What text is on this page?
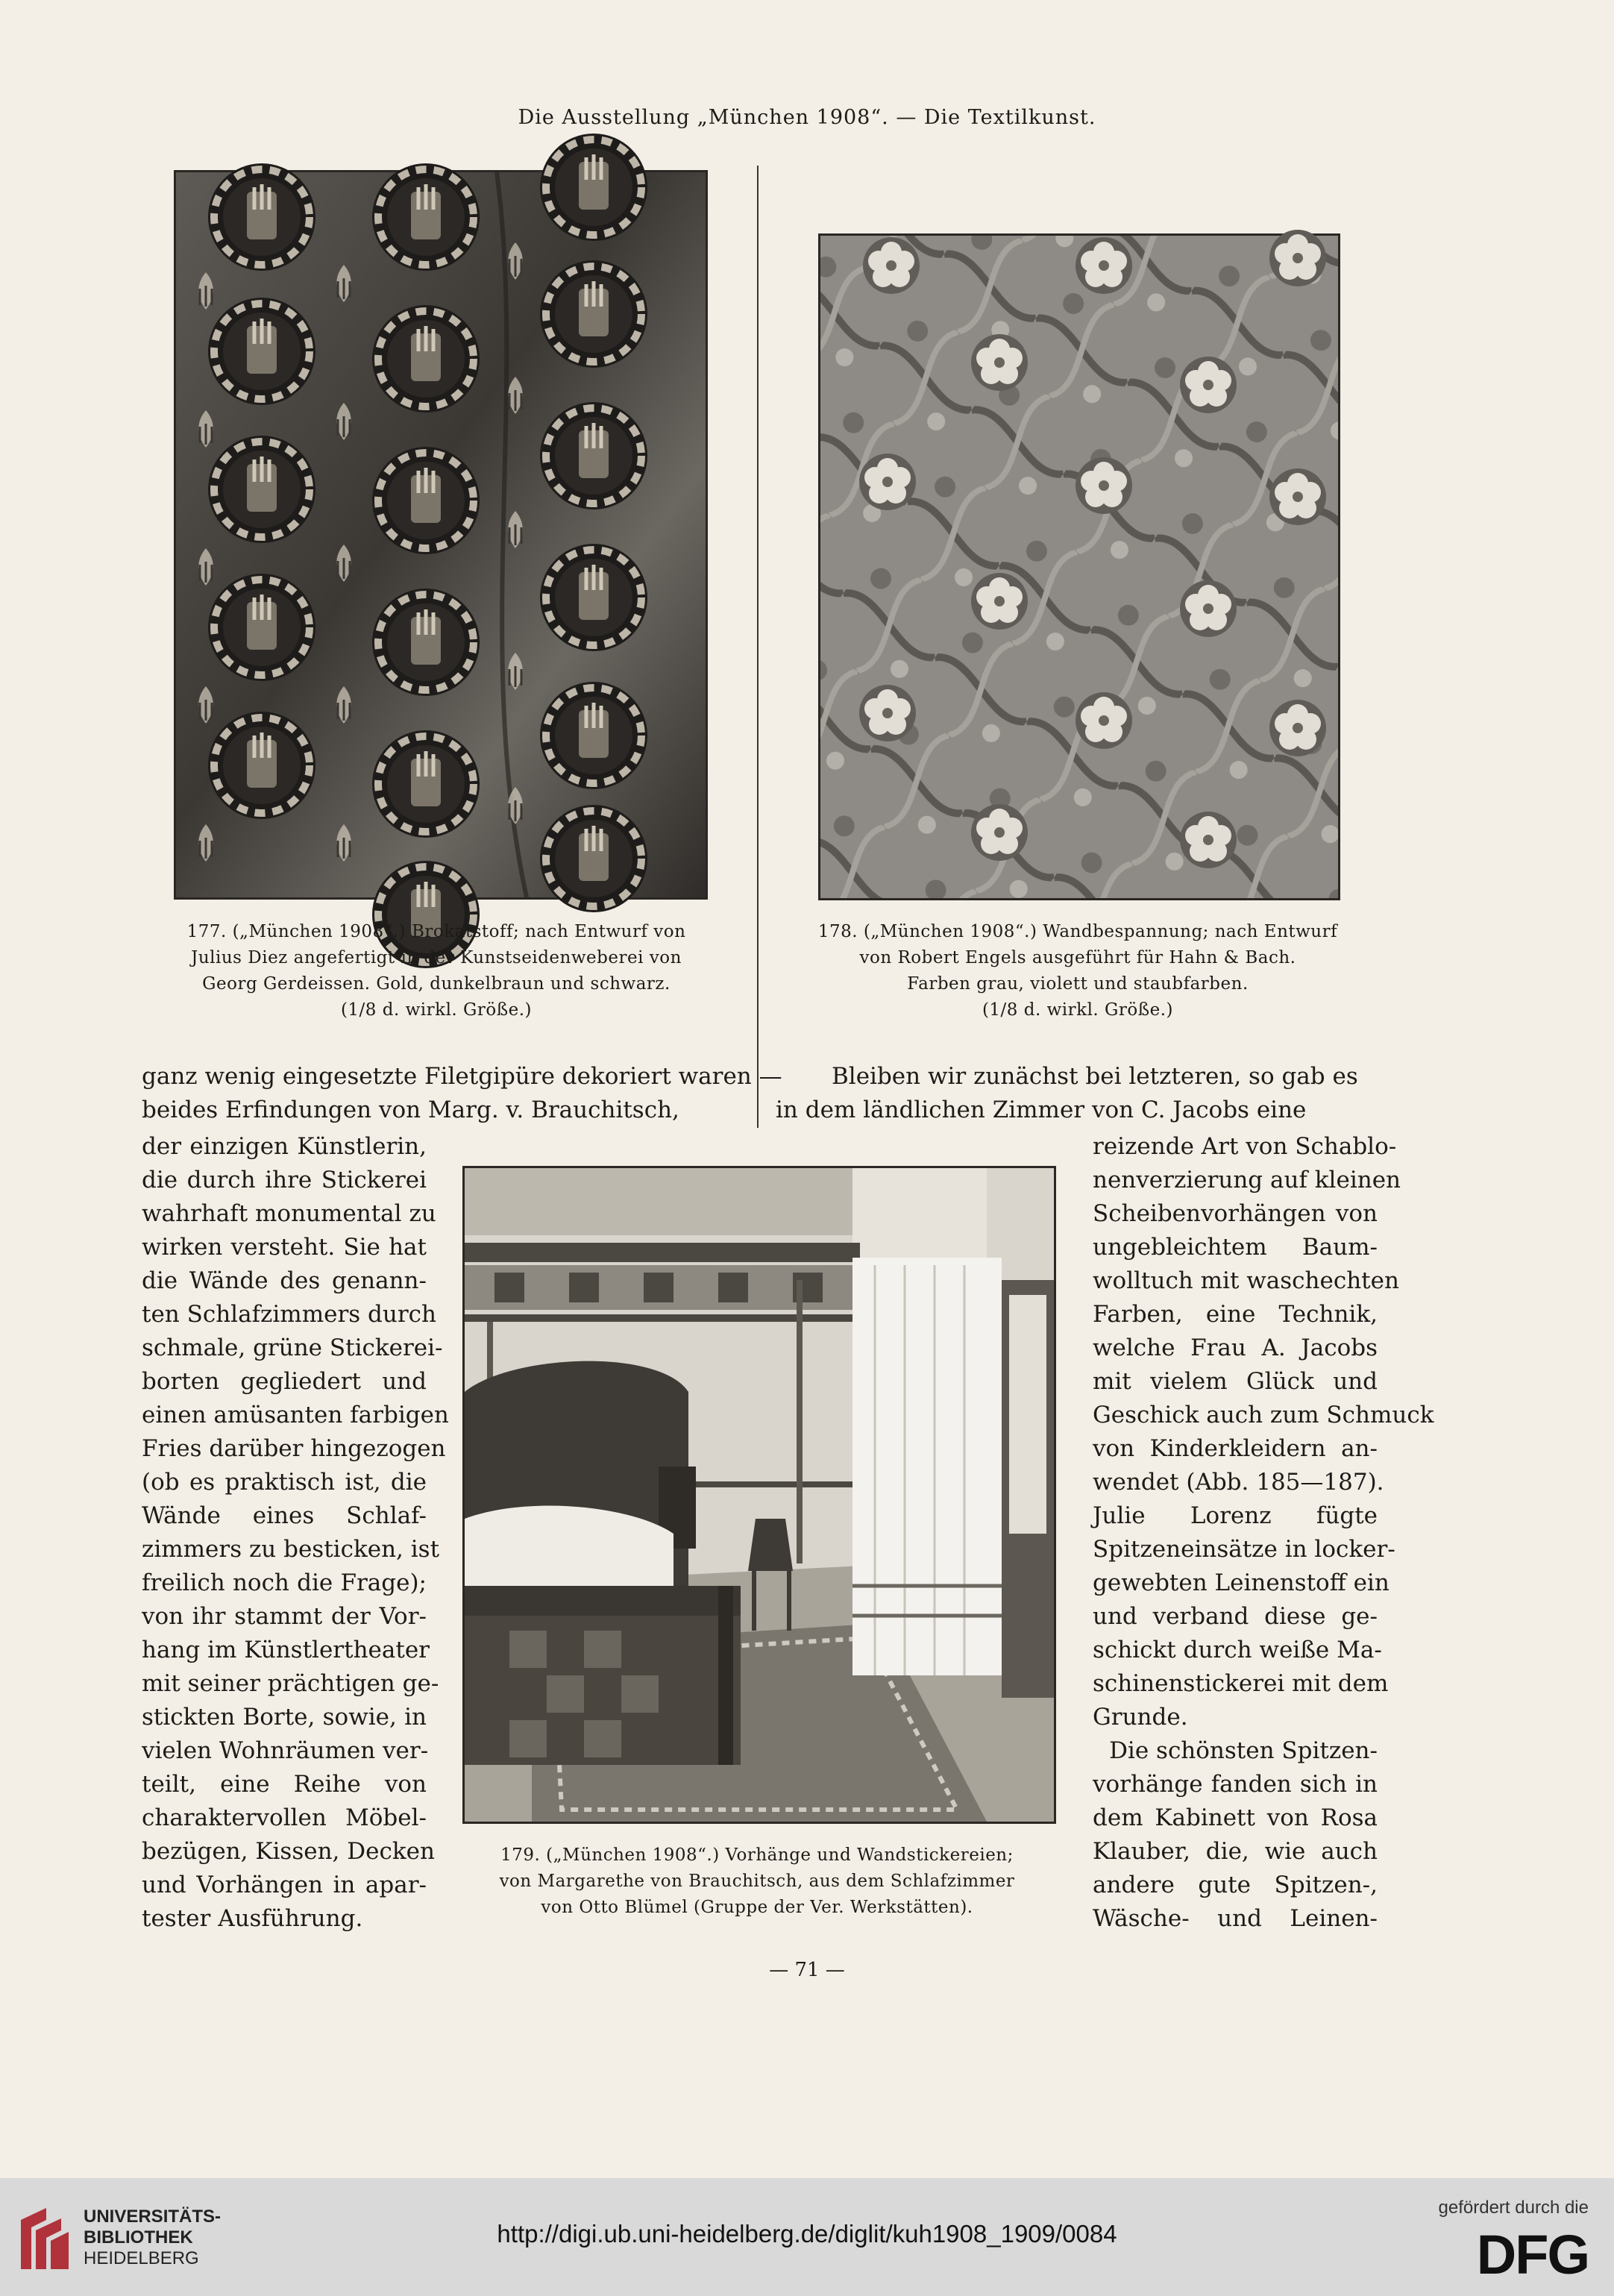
Die Ausstellung „München 1908“. — Die Textilkunst.
177. („München 1908“.) Brokatstoff; nach Entwurf von
Julius Diez angefertigt in der Kunstseidenweberei von
Georg Gerdeissen. Gold, dunkelbraun und schwarz.
(1/8 d. wirkl. Größe.)
178. („München 1908“.) Wandbespannung; nach Entwurf
von Robert Engels ausgeführt für Hahn & Bach.
Farben grau, violett und staubfarben.
(1/8 d. wirkl. Größe.)
ganz wenig eingesetzte Filetgipüre dekoriert waren —
beides Erfindungen von Marg. v. Brauchitsch,
Bleiben wir zunächst bei letzteren, so gab es
in dem ländlichen Zimmer von C. Jacobs eine
179. („München 1908“.) Vorhänge und Wandstickereien;
von Margarethe von Brauchitsch, aus dem Schlafzimmer
von Otto Blümel (Gruppe der Ver. Werkstätten).
der einzigen Künstlerin,
die durch ihre Stickerei
wahrhaft monumental zu
wirken versteht. Sie hat
die Wände des genann-
ten Schlafzimmers durch
schmale, grüne Stickerei-
borten gegliedert und
einen amüsanten farbigen
Fries darüber hingezogen
(ob es praktisch ist, die
Wände eines Schlaf-
zimmers zu besticken, ist
freilich noch die Frage);
von ihr stammt der Vor-
hang im Künstlertheater
mit seiner prächtigen ge-
stickten Borte, sowie, in
vielen Wohnräumen ver-
teilt, eine Reihe von
charaktervollen Möbel-
bezügen, Kissen, Decken
und Vorhängen in apar-
tester Ausführung.
reizende Art von Schablo-
nenverzierung auf kleinen
Scheibenvorhängen von
ungebleichtem Baum-
wolltuch mit waschechten
Farben, eine Technik,
welche Frau A. Jacobs
mit vielem Glück und
Geschick auch zum Schmuck
von Kinderkleidern an-
wendet (Abb. 185—187).
Julie Lorenz fügte
Spitzeneinsätze in locker-
gewebten Leinenstoff ein
und verband diese ge-
schickt durch weiße Ma-
schinenstickerei mit dem
Grunde.
Die schönsten Spitzen-
vorhänge fanden sich in
dem Kabinett von Rosa
Klauber, die, wie auch
andere gute Spitzen-,
Wäsche- und Leinen-
— 71 —
UNIVERSITÄTS-
BIBLIOTHEK
HEIDELBERG
http://digi.ub.uni-heidelberg.de/diglit/kuh1908_1909/0084
gefördert durch die
DFG
